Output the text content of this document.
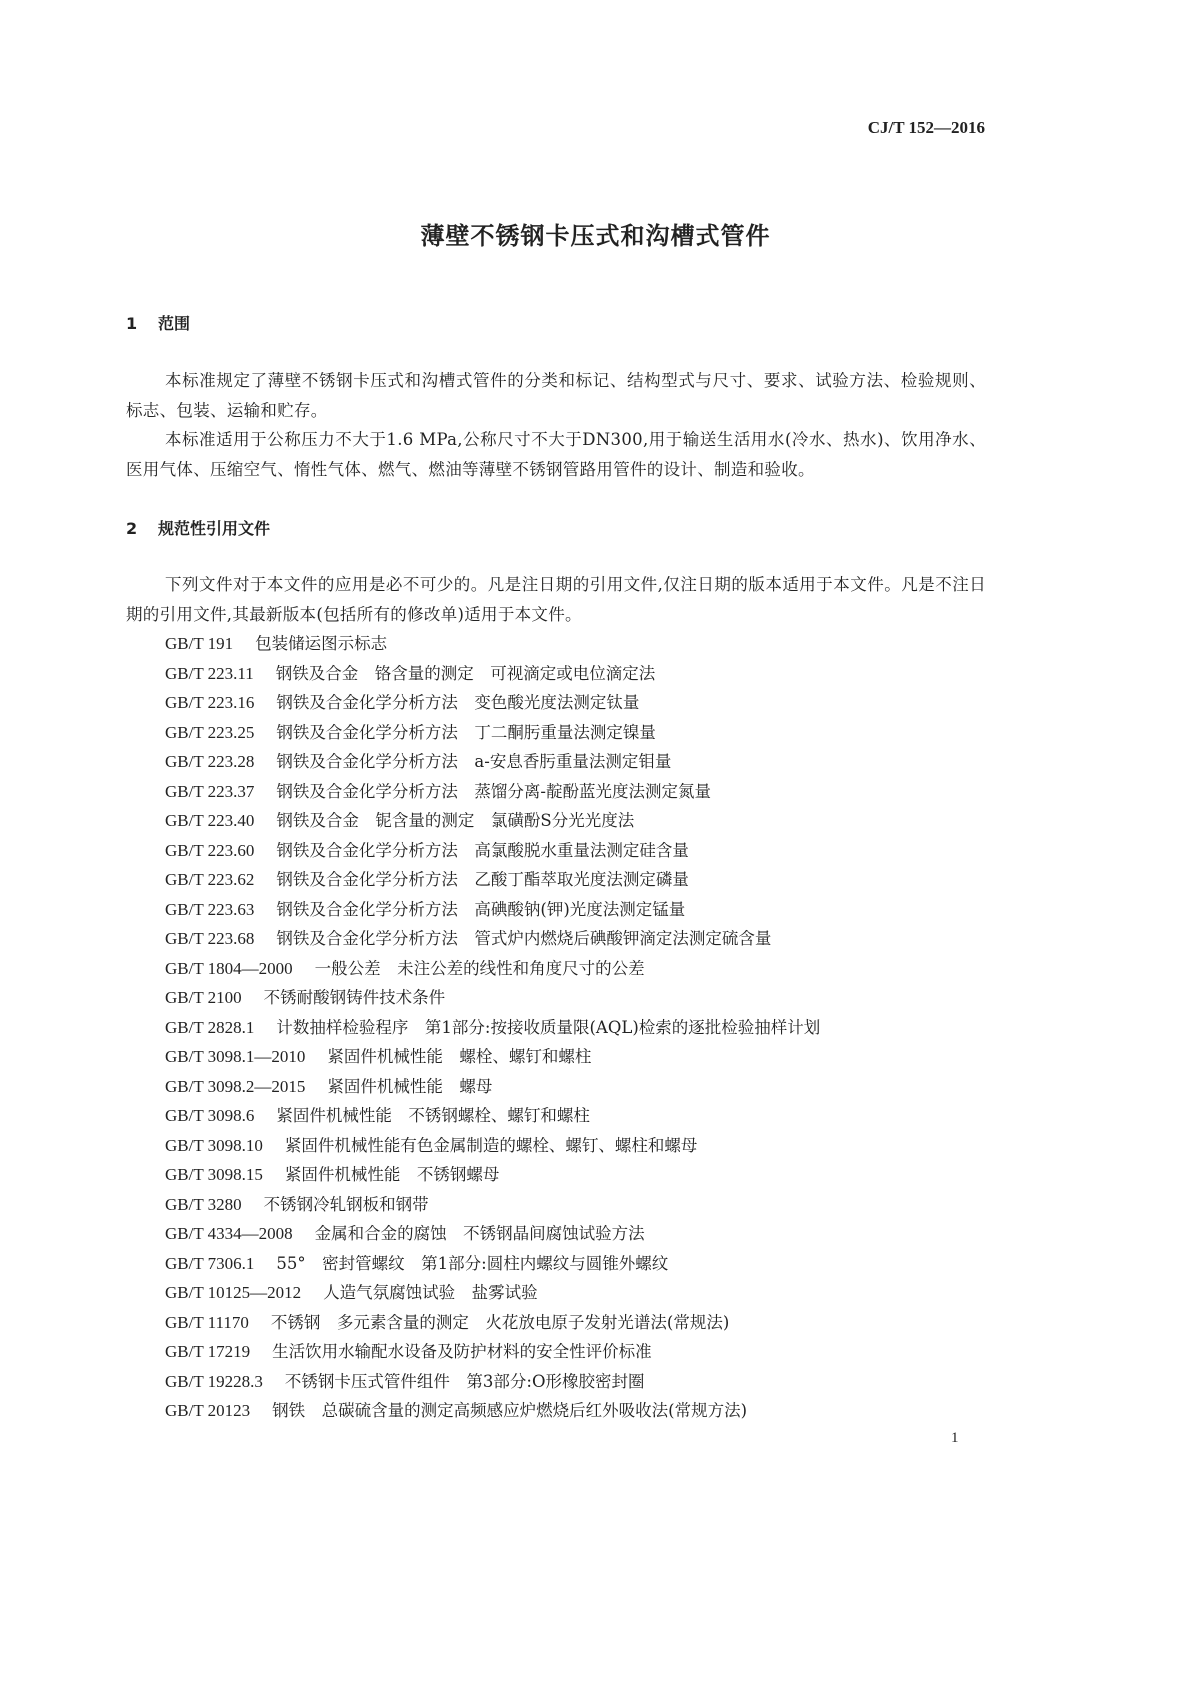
CJ/T 152—2016
薄壁不锈钢卡压式和沟槽式管件
1 范围
本标准规定了薄壁不锈钢卡压式和沟槽式管件的分类和标记、结构型式与尺寸、要求、试验方法、检验规则、标志、包装、运输和贮存。
本标准适用于公称压力不大于1.6 MPa,公称尺寸不大于DN300,用于输送生活用水(冷水、热水)、饮用净水、医用气体、压缩空气、惰性气体、燃气、燃油等薄壁不锈钢管路用管件的设计、制造和验收。
2 规范性引用文件
下列文件对于本文件的应用是必不可少的。凡是注日期的引用文件,仅注日期的版本适用于本文件。凡是不注日期的引用文件,其最新版本(包括所有的修改单)适用于本文件。
GB/T 191 包装储运图示标志
GB/T 223.11 钢铁及合金　铬含量的测定　可视滴定或电位滴定法
GB/T 223.16 钢铁及合金化学分析方法　变色酸光度法测定钛量
GB/T 223.25 钢铁及合金化学分析方法　丁二酮肟重量法测定镍量
GB/T 223.28 钢铁及合金化学分析方法　a-安息香肟重量法测定钼量
GB/T 223.37 钢铁及合金化学分析方法　蒸馏分离-靛酚蓝光度法测定氮量
GB/T 223.40 钢铁及合金　铌含量的测定　氯磺酚S分光光度法
GB/T 223.60 钢铁及合金化学分析方法　高氯酸脱水重量法测定硅含量
GB/T 223.62 钢铁及合金化学分析方法　乙酸丁酯萃取光度法测定磷量
GB/T 223.63 钢铁及合金化学分析方法　高碘酸钠(钾)光度法测定锰量
GB/T 223.68 钢铁及合金化学分析方法　管式炉内燃烧后碘酸钾滴定法测定硫含量
GB/T 1804—2000 一般公差　未注公差的线性和角度尺寸的公差
GB/T 2100 不锈耐酸钢铸件技术条件
GB/T 2828.1 计数抽样检验程序　第1部分:按接收质量限(AQL)检索的逐批检验抽样计划
GB/T 3098.1—2010 紧固件机械性能　螺栓、螺钉和螺柱
GB/T 3098.2—2015 紧固件机械性能　螺母
GB/T 3098.6 紧固件机械性能　不锈钢螺栓、螺钉和螺柱
GB/T 3098.10 紧固件机械性能有色金属制造的螺栓、螺钉、螺柱和螺母
GB/T 3098.15 紧固件机械性能　不锈钢螺母
GB/T 3280 不锈钢冷轧钢板和钢带
GB/T 4334—2008 金属和合金的腐蚀　不锈钢晶间腐蚀试验方法
GB/T 7306.1 55°　密封管螺纹　第1部分:圆柱内螺纹与圆锥外螺纹
GB/T 10125—2012 人造气氛腐蚀试验　盐雾试验
GB/T 11170 不锈钢　多元素含量的测定　火花放电原子发射光谱法(常规法)
GB/T 17219 生活饮用水输配水设备及防护材料的安全性评价标准
GB/T 19228.3 不锈钢卡压式管件组件　第3部分:O形橡胶密封圈
GB/T 20123 钢铁　总碳硫含量的测定高频感应炉燃烧后红外吸收法(常规方法)
1
